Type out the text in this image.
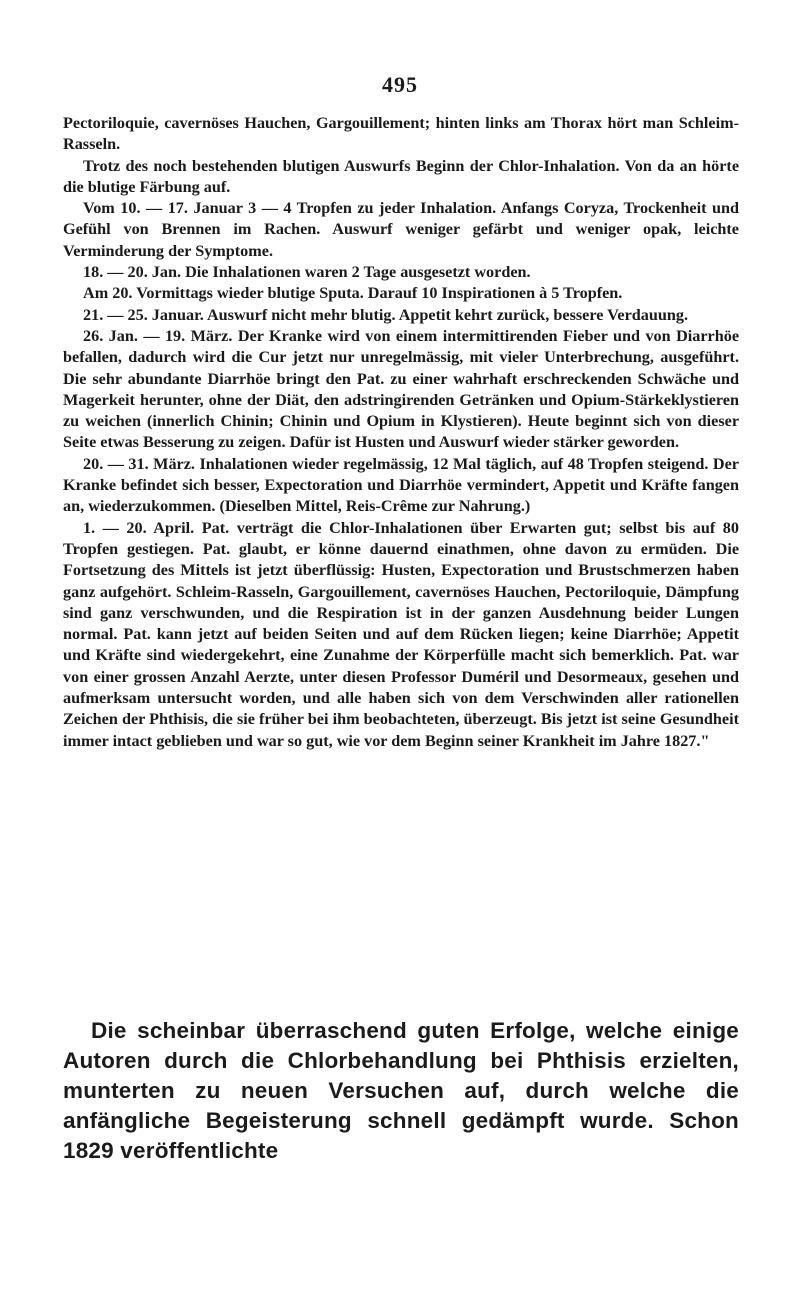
495

Pectoriloquie, cavernöses Hauchen, Gargouillement; hinten links am Thorax hört man Schleim-Rasseln.

Trotz des noch bestehenden blutigen Auswurfs Beginn der Chlor-Inhalation. Von da an hörte die blutige Färbung auf.

Vom 10. — 17. Januar 3 — 4 Tropfen zu jeder Inhalation. Anfangs Coryza, Trockenheit und Gefühl von Brennen im Rachen. Auswurf weniger gefärbt und weniger opak, leichte Verminderung der Symptome.

18. — 20. Jan. Die Inhalationen waren 2 Tage ausgesetzt worden.

Am 20. Vormittags wieder blutige Sputa. Darauf 10 Inspirationen à 5 Tropfen.

21. — 25. Januar. Auswurf nicht mehr blutig. Appetit kehrt zurück, bessere Verdauung.

26. Jan. — 19. März. Der Kranke wird von einem intermittirenden Fieber und von Diarrhöe befallen, dadurch wird die Cur jetzt nur unregelmässig, mit vieler Unterbrechung, ausgeführt. Die sehr abundante Diarrhöe bringt den Pat. zu einer wahrhaft erschreckenden Schwäche und Magerkeit herunter, ohne der Diät, den adstringirenden Getränken und Opium-Stärkeklystieren zu weichen (innerlich Chinin; Chinin und Opium in Klystieren). Heute beginnt sich von dieser Seite etwas Besserung zu zeigen. Dafür ist Husten und Auswurf wieder stärker geworden.

20. — 31. März. Inhalationen wieder regelmässig, 12 Mal täglich, auf 48 Tropfen steigend. Der Kranke befindet sich besser, Expectoration und Diarrhöe vermindert, Appetit und Kräfte fangen an, wiederzukommen. (Dieselben Mittel, Reis-Crême zur Nahrung.)

1. — 20. April. Pat. verträgt die Chlor-Inhalationen über Erwarten gut; selbst bis auf 80 Tropfen gestiegen. Pat. glaubt, er könne dauernd einathmen, ohne davon zu ermüden. Die Fortsetzung des Mittels ist jetzt überflüssig: Husten, Expectoration und Brustschmerzen haben ganz aufgehört. Schleim-Rasseln, Gargouillement, cavernöses Hauchen, Pectoriloquie, Dämpfung sind ganz verschwunden, und die Respiration ist in der ganzen Ausdehnung beider Lungen normal. Pat. kann jetzt auf beiden Seiten und auf dem Rücken liegen; keine Diarrhöe; Appetit und Kräfte sind wiedergekehrt, eine Zunahme der Körperfülle macht sich bemerklich. Pat. war von einer grossen Anzahl Aerzte, unter diesen Professor Duméril und Desormeaux, gesehen und aufmerksam untersucht worden, und alle haben sich von dem Verschwinden aller rationellen Zeichen der Phthisis, die sie früher bei ihm beobachteten, überzeugt. Bis jetzt ist seine Gesundheit immer intact geblieben und war so gut, wie vor dem Beginn seiner Krankheit im Jahre 1827."

Die scheinbar überraschend guten Erfolge, welche einige Autoren durch die Chlorbehandlung bei Phthisis erzielten, munterten zu neuen Versuchen auf, durch welche die anfängliche Begeisterung schnell gedämpft wurde. Schon 1829 veröffentlichte
